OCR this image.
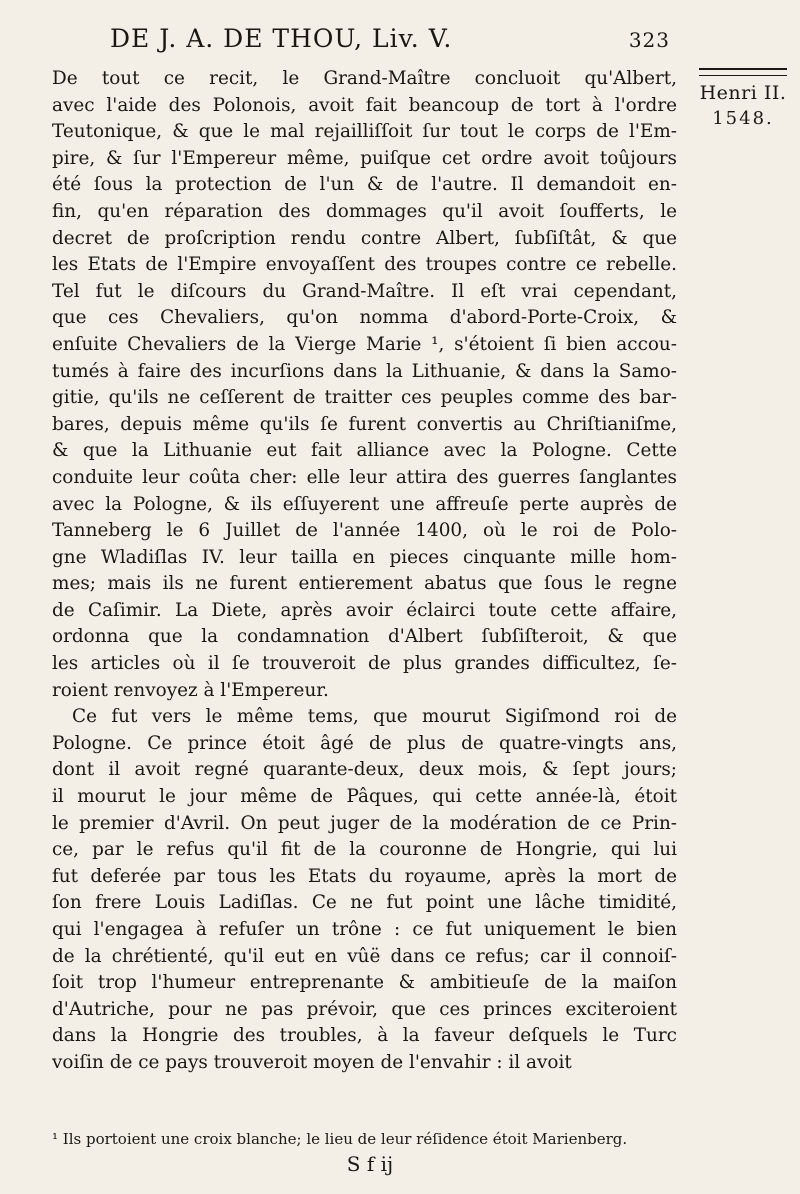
DE J. A. DE THOU, Liv. V.	323
Henri II.
1548.

De tout ce recit, le Grand-Maître concluoit qu'Albert,
avec l'aide des Polonois, avoit fait beancoup de tort à l'ordre
Teutonique, & que le mal rejailliſſoit ſur tout le corps de l'Em-
pire, & ſur l'Empereur même, puiſque cet ordre avoit toûjours
été ſous la protection de l'un & de l'autre. Il demandoit en-
fin, qu'en réparation des dommages qu'il avoit ſoufferts, le
decret de proſcription rendu contre Albert, ſubſiſtât, & que
les Etats de l'Empire envoyaſſent des troupes contre ce rebelle.
Tel fut le diſcours du Grand-Maître. Il eſt vrai cependant,
que ces Chevaliers, qu'on nomma d'abord-Porte-Croix, &
enſuite Chevaliers de la Vierge Marie ¹, s'étoient ſi bien accou-
tumés à faire des incurſions dans la Lithuanie, & dans la Samo-
gitie, qu'ils ne ceſſerent de traitter ces peuples comme des bar-
bares, depuis même qu'ils ſe furent convertis au Chriſtianiſme,
& que la Lithuanie eut fait alliance avec la Pologne. Cette
conduite leur coûta cher: elle leur attira des guerres ſanglantes
avec la Pologne, & ils eſſuyerent une affreuſe perte auprès de
Tanneberg le 6 Juillet de l'année 1400, où le roi de Polo-
gne Wladiſlas IV. leur tailla en pieces cinquante mille hom-
mes; mais ils ne furent entierement abatus que ſous le regne
de Caſimir. La Diete, après avoir éclairci toute cette affaire,
ordonna que la condamnation d'Albert ſubſiſteroit, & que
les articles où il ſe trouveroit de plus grandes difficultez, ſe-
roient renvoyez à l'Empereur.

Ce fut vers le même tems, que mourut Sigiſmond roi de
Pologne. Ce prince étoit âgé de plus de quatre-vingts ans,
dont il avoit regné quarante-deux, deux mois, & ſept jours;
il mourut le jour même de Pâques, qui cette année-là, étoit
le premier d'Avril. On peut juger de la modération de ce Prin-
ce, par le refus qu'il fit de la couronne de Hongrie, qui lui
fut deferée par tous les Etats du royaume, après la mort de
ſon frere Louis Ladiſlas. Ce ne fut point une lâche timidité,
qui l'engagea à refuſer un trône : ce fut uniquement le bien
de la chrétienté, qu'il eut en vûë dans ce refus; car il connoiſ-
ſoit trop l'humeur entreprenante & ambitieuſe de la maiſon
d'Autriche, pour ne pas prévoir, que ces princes exciteroient
dans la Hongrie des troubles, à la faveur deſquels le Turc
voiſin de ce pays trouveroit moyen de l'envahir : il avoit

¹ Ils portoient une croix blanche; le lieu de leur réſidence étoit Marienberg.
S f ij
